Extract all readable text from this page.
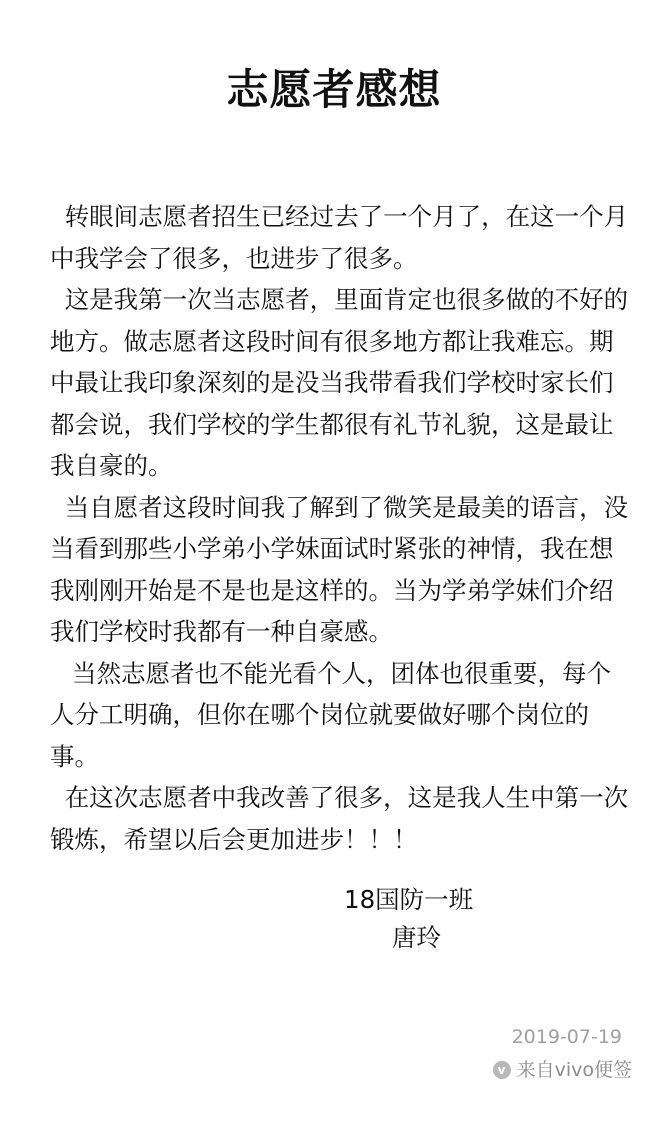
志愿者感想

转眼间志愿者招生已经过去了一个月了，在这一个月中我学会了很多，也进步了很多。

这是我第一次当志愿者，里面肯定也很多做的不好的地方。做志愿者这段时间有很多地方都让我难忘。期中最让我印象深刻的是没当我带看我们学校时家长们都会说，我们学校的学生都很有礼节礼貌，这是最让我自豪的。

当自愿者这段时间我了解到了微笑是最美的语言，没当看到那些小学弟小学妹面试时紧张的神情，我在想我刚刚开始是不是也是这样的。当为学弟学妹们介绍我们学校时我都有一种自豪感。

当然志愿者也不能光看个人，团体也很重要，每个人分工明确，但你在哪个岗位就要做好哪个岗位的事。

在这次志愿者中我改善了很多，这是我人生中第一次锻炼，希望以后会更加进步！！！

18国防一班
唐玲
2019-07-19
v 来自vivo便签
